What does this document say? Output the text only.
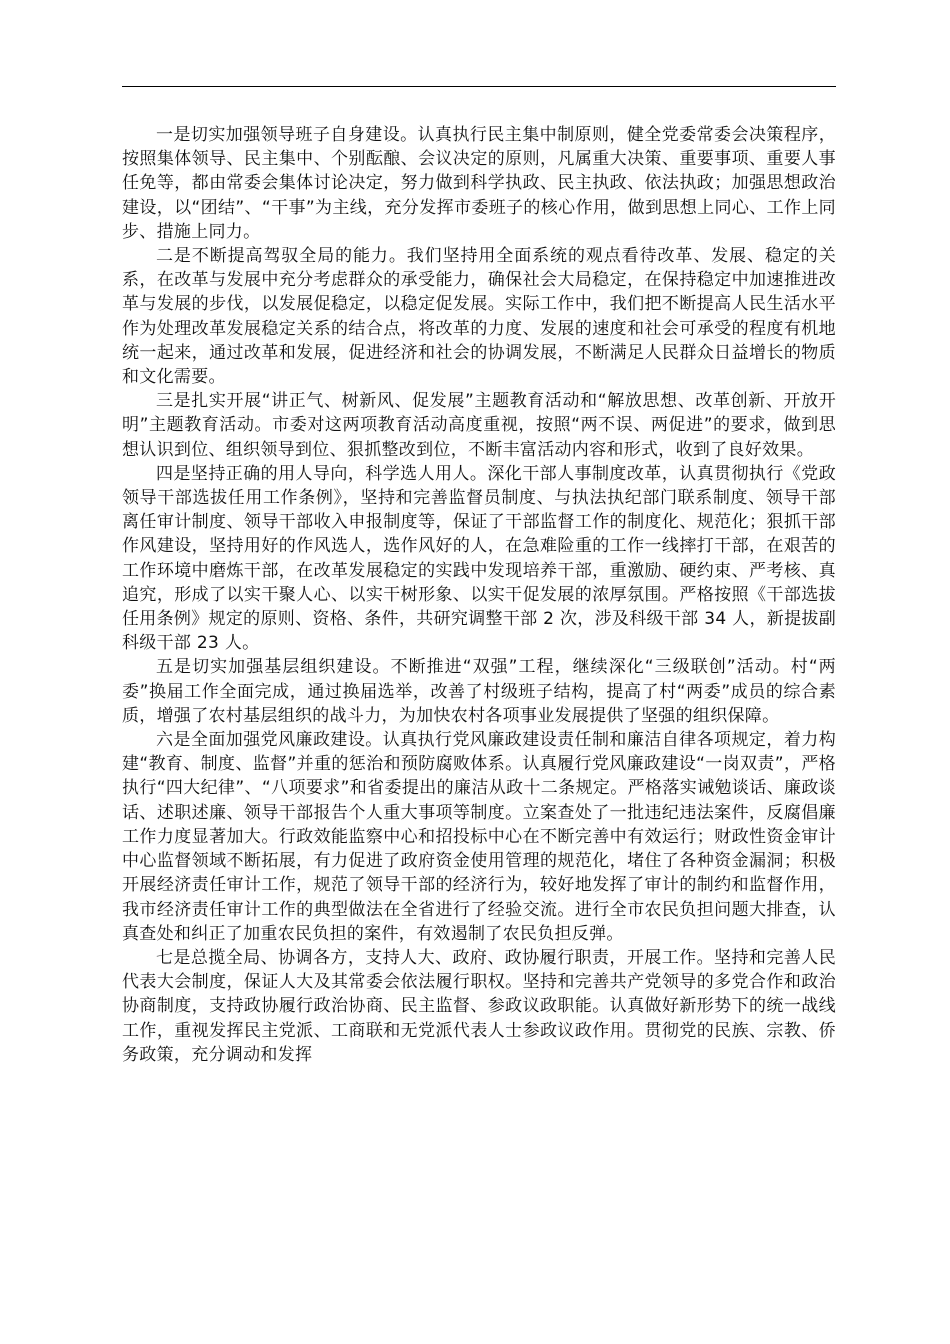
一是切实加强领导班子自身建设。认真执行民主集中制原则，健全党委常委会决策程序，按照集体领导、民主集中、个别酝酿、会议决定的原则，凡属重大决策、重要事项、重要人事任免等，都由常委会集体讨论决定，努力做到科学执政、民主执政、依法执政；加强思想政治建设，以“团结”、“干事”为主线，充分发挥市委班子的核心作用，做到思想上同心、工作上同步、措施上同力。

二是不断提高驾驭全局的能力。我们坚持用全面系统的观点看待改革、发展、稳定的关系，在改革与发展中充分考虑群众的承受能力，确保社会大局稳定，在保持稳定中加速推进改革与发展的步伐，以发展促稳定，以稳定促发展。实际工作中，我们把不断提高人民生活水平作为处理改革发展稳定关系的结合点，将改革的力度、发展的速度和社会可承受的程度有机地统一起来，通过改革和发展，促进经济和社会的协调发展，不断满足人民群众日益增长的物质和文化需要。

三是扎实开展“讲正气、树新风、促发展”主题教育活动和“解放思想、改革创新、开放开明”主题教育活动。市委对这两项教育活动高度重视，按照“两不误、两促进”的要求，做到思想认识到位、组织领导到位、狠抓整改到位，不断丰富活动内容和形式，收到了良好效果。

四是坚持正确的用人导向，科学选人用人。深化干部人事制度改革，认真贯彻执行《党政领导干部选拔任用工作条例》，坚持和完善监督员制度、与执法执纪部门联系制度、领导干部离任审计制度、领导干部收入申报制度等，保证了干部监督工作的制度化、规范化；狠抓干部作风建设，坚持用好的作风选人，选作风好的人，在急难险重的工作一线摔打干部，在艰苦的工作环境中磨炼干部，在改革发展稳定的实践中发现培养干部，重激励、硬约束、严考核、真追究，形成了以实干聚人心、以实干树形象、以实干促发展的浓厚氛围。严格按照《干部选拔任用条例》规定的原则、资格、条件，共研究调整干部 2 次，涉及科级干部 34 人，新提拔副科级干部 23 人。

五是切实加强基层组织建设。不断推进“双强”工程，继续深化“三级联创”活动。村“两委”换届工作全面完成，通过换届选举，改善了村级班子结构，提高了村“两委”成员的综合素质，增强了农村基层组织的战斗力，为加快农村各项事业发展提供了坚强的组织保障。

六是全面加强党风廉政建设。认真执行党风廉政建设责任制和廉洁自律各项规定，着力构建“教育、制度、监督”并重的惩治和预防腐败体系。认真履行党风廉政建设“一岗双责”，严格执行“四大纪律”、“八项要求”和省委提出的廉洁从政十二条规定。严格落实诫勉谈话、廉政谈话、述职述廉、领导干部报告个人重大事项等制度。立案查处了一批违纪违法案件，反腐倡廉工作力度显著加大。行政效能监察中心和招投标中心在不断完善中有效运行；财政性资金审计中心监督领域不断拓展，有力促进了政府资金使用管理的规范化，堵住了各种资金漏洞；积极开展经济责任审计工作，规范了领导干部的经济行为，较好地发挥了审计的制约和监督作用，我市经济责任审计工作的典型做法在全省进行了经验交流。进行全市农民负担问题大排查，认真查处和纠正了加重农民负担的案件，有效遏制了农民负担反弹。

七是总揽全局、协调各方，支持人大、政府、政协履行职责，开展工作。坚持和完善人民代表大会制度，保证人大及其常委会依法履行职权。坚持和完善共产党领导的多党合作和政治协商制度，支持政协履行政治协商、民主监督、参政议政职能。认真做好新形势下的统一战线工作，重视发挥民主党派、工商联和无党派代表人士参政议政作用。贯彻党的民族、宗教、侨务政策，充分调动和发挥
